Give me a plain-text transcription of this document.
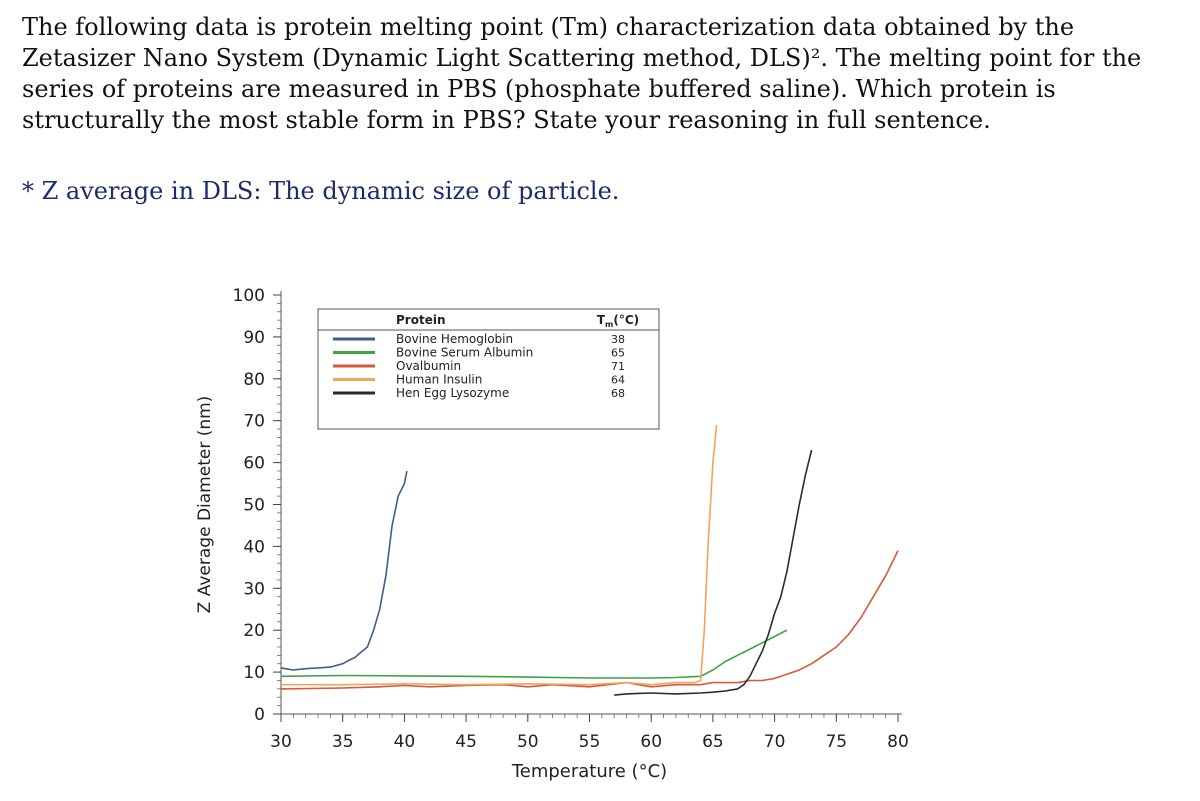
The following data is protein melting point (Tm) characterization data obtained by the Zetasizer Nano System (Dynamic Light Scattering method, DLS)². The melting point for the series of proteins are measured in PBS (phosphate buffered saline). Which protein is structurally the most stable form in PBS? State your reasoning in full sentence.

* Z average in DLS: The dynamic size of particle.

30 35 40 45 50 55 60 65 70 75 80
0
10
20
30
40
50
60
70
80
90
100
Temperature (°C)
Z Average Diameter (nm)
Protein	$T_m(^\circ C)$
Bovine Hemoglobin	38
Bovine Serum Albumin	65
Ovalbumin	71
Human Insulin	64
Hen Egg Lysozyme	68
